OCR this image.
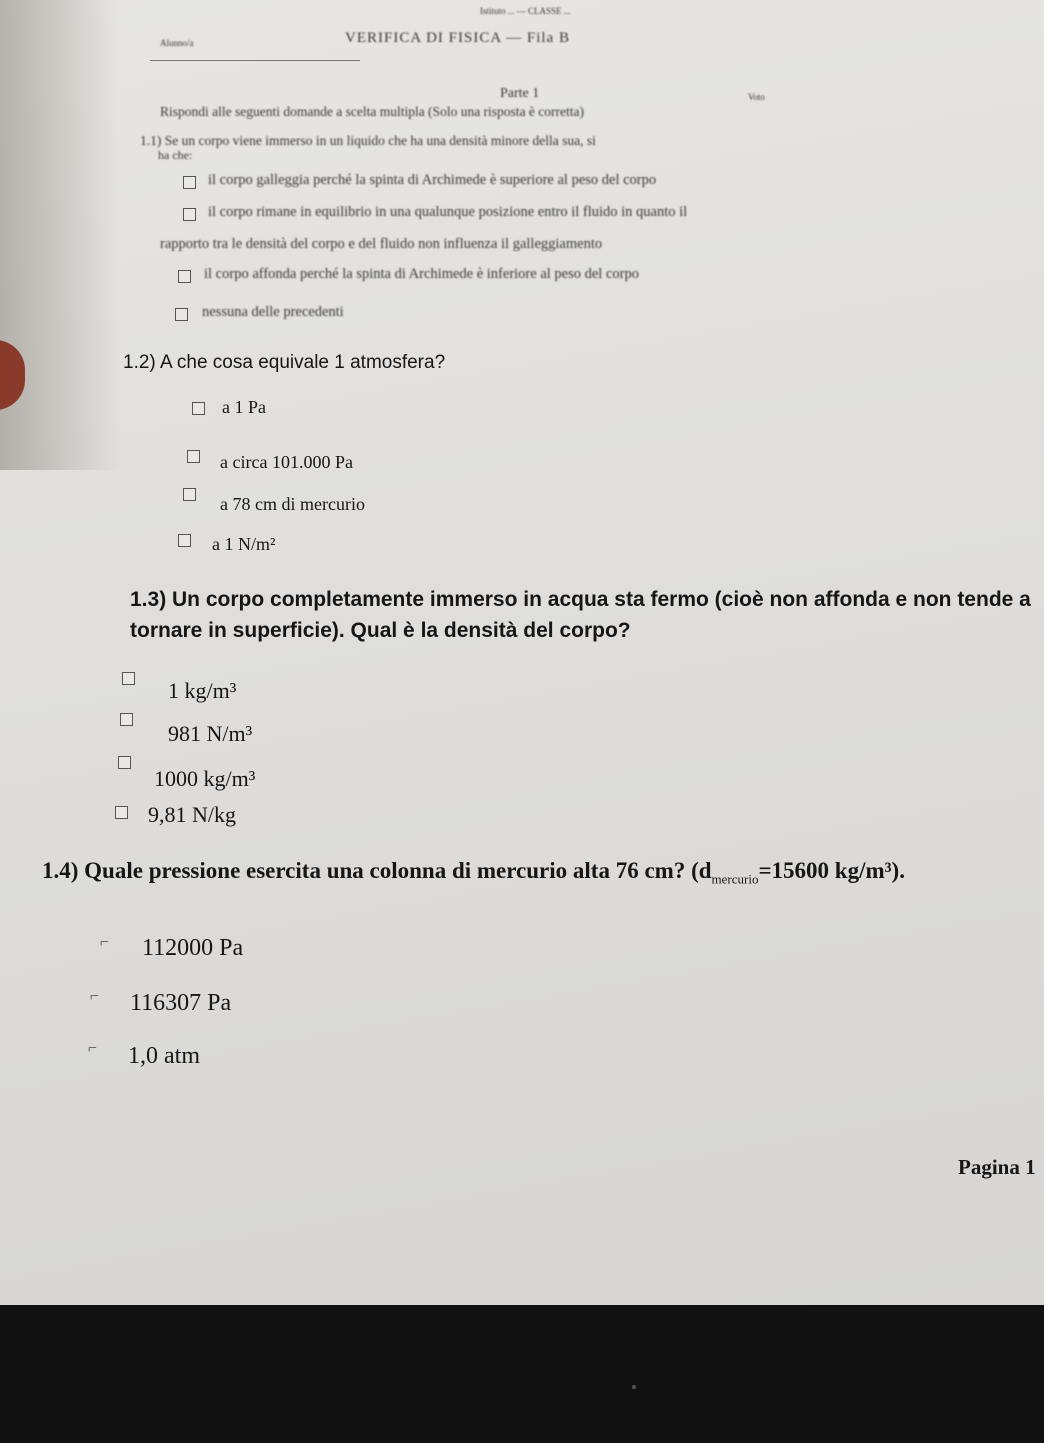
Istituto ... — CLASSE ...
Alunno/a	VERIFICA DI FISICA — Fila B
Parte 1	Voto
Rispondi alle seguenti domande a scelta multipla (Solo una risposta è corretta)
1.1) Se un corpo viene immerso in un liquido che ha una densità minore della sua, si
ha che:
il corpo galleggia perché la spinta di Archimede è superiore al peso del corpo
il corpo rimane in equilibrio in una qualunque posizione entro il fluido in quanto il
rapporto tra le densità del corpo e del fluido non influenza il galleggiamento
il corpo affonda perché la spinta di Archimede è inferiore al peso del corpo
nessuna delle precedenti
1.2) A che cosa equivale 1 atmosfera?
a 1 Pa
a circa 101.000 Pa
a 78 cm di mercurio
a 1 N/m²
1.3) Un corpo completamente immerso in acqua sta fermo (cioè non affonda e non tende a
tornare in superficie). Qual è la densità del corpo?
1 kg/m³
981 N/m³
1000 kg/m³
9,81 N/kg
1.4) Quale pressione esercita una colonna di mercurio alta 76 cm? ($d_{mercurio}=15600$ kg/m³).
⌐ 112000 Pa
⌐ 116307 Pa
⌐ 1,0 atm
Pagina 1
